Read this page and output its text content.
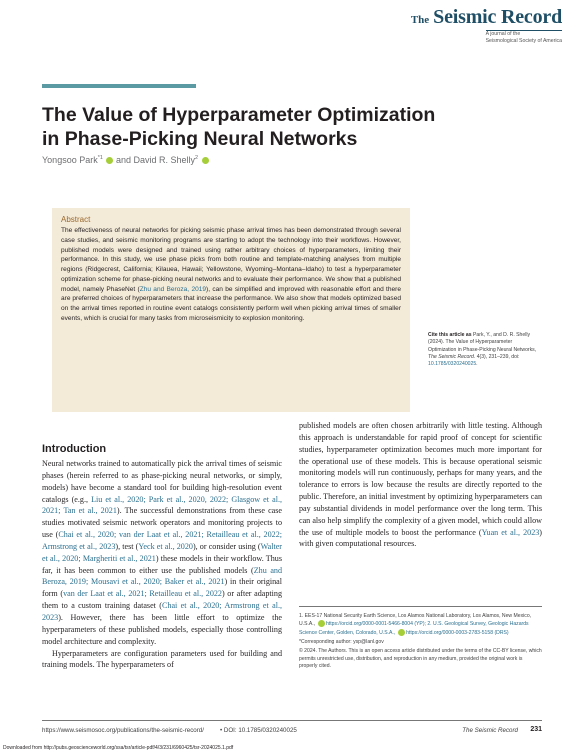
The Seismic Record
A journal of the
Seismological Society of America
The Value of Hyperparameter Optimization
in Phase-Picking Neural Networks
Yongsoo Park$^{*1}$  and David R. Shelly$^2$
Abstract
The effectiveness of neural networks for picking seismic phase arrival times has been demonstrated through several case studies, and seismic monitoring programs are starting to adopt the technology into their workflows. However, published models were designed and trained using rather arbitrary choices of hyperparameters, limiting their performance. In this study, we use phase picks from both routine and template-matching analyses from multiple regions (Ridgecrest, California; Kilauea, Hawaii; Yellowstone, Wyoming–Montana–Idaho) to test a hyperparameter optimization scheme for phase-picking neural networks and to evaluate their performance. We show that a published model, namely PhaseNet (Zhu and Beroza, 2019), can be simplified and improved with reasonable effort and there are preferred choices of hyperparameters that increase the performance. We also show that models optimized based on the arrival times reported in routine event catalogs consistently perform well when picking arrival times of smaller events, which is crucial for many tasks from microseismicity to explosion monitoring.
Cite this article as Park, Y., and D. R. Shelly (2024). The Value of Hyperparameter Optimization in Phase-Picking Neural Networks, The Seismic Record. 4(3), 231–239, doi: 10.1785/0320240025.
Introduction

Neural networks trained to automatically pick the arrival times of seismic phases (herein referred to as phase-picking neural networks, or simply, models) have become a standard tool for building high-resolution event catalogs (e.g., Liu et al., 2020; Park et al., 2020, 2022; Glasgow et al., 2021; Tan et al., 2021). The successful demonstrations from these case studies motivated seismic network operators and monitoring projects to use (Chai et al., 2020; van der Laat et al., 2021; Retailleau et al., 2022; Armstrong et al., 2023), test (Yeck et al., 2020), or consider using (Walter et al., 2020; Margheriti et al., 2021) these models in their workflow. Thus far, it has been common to either use the published models (Zhu and Beroza, 2019; Mousavi et al., 2020; Baker et al., 2021) in their original form (van der Laat et al., 2021; Retailleau et al., 2022) or after adapting them to a custom training dataset (Chai et al., 2020; Armstrong et al., 2023). However, there has been little effort to optimize the hyperparameters of these published models, especially those controlling model architecture and complexity.

Hyperparameters are configuration parameters used for building and training models. The hyperparameters of

published models are often chosen arbitrarily with little testing. Although this approach is understandable for rapid proof of concept for scientific studies, hyperparameter optimization becomes much more important for the operational use of these models. This is because operational seismic monitoring models will run continuously, perhaps for many years, and the tolerance to errors is low because the results are directly reported to the public. Therefore, an initial investment by optimizing hyperparameters can pay substantial dividends in model performance over the long term. This can also help simplify the complexity of a given model, which could allow the use of multiple models to boost the performance (Yuan et al., 2023) with given computational resources.

1. EES-17 National Security Earth Science, Los Alamos National Laboratory, Los Alamos, New Mexico, U.S.A.,  https://orcid.org/0000-0001-5466-8004 (YP); 2. U.S. Geological Survey, Geologic Hazards Science Center, Golden, Colorado, U.S.A.,  https://orcid.org/0000-0003-2783-5158 (DRS)

*Corresponding author: ysp@lanl.gov

© 2024. The Authors. This is an open access article distributed under the terms of the CC-BY license, which permits unrestricted use, distribution, and reproduction in any medium, provided the original work is properly cited.

https://www.seismosoc.org/publications/the-seismic-record/	• DOI: 10.1785/0320240025	The Seismic Record 231
Downloaded from http://pubs.geoscienceworld.org/ssa/tsr/article-pdf/4/3/231/6960425/tsr-2024025.1.pdf
